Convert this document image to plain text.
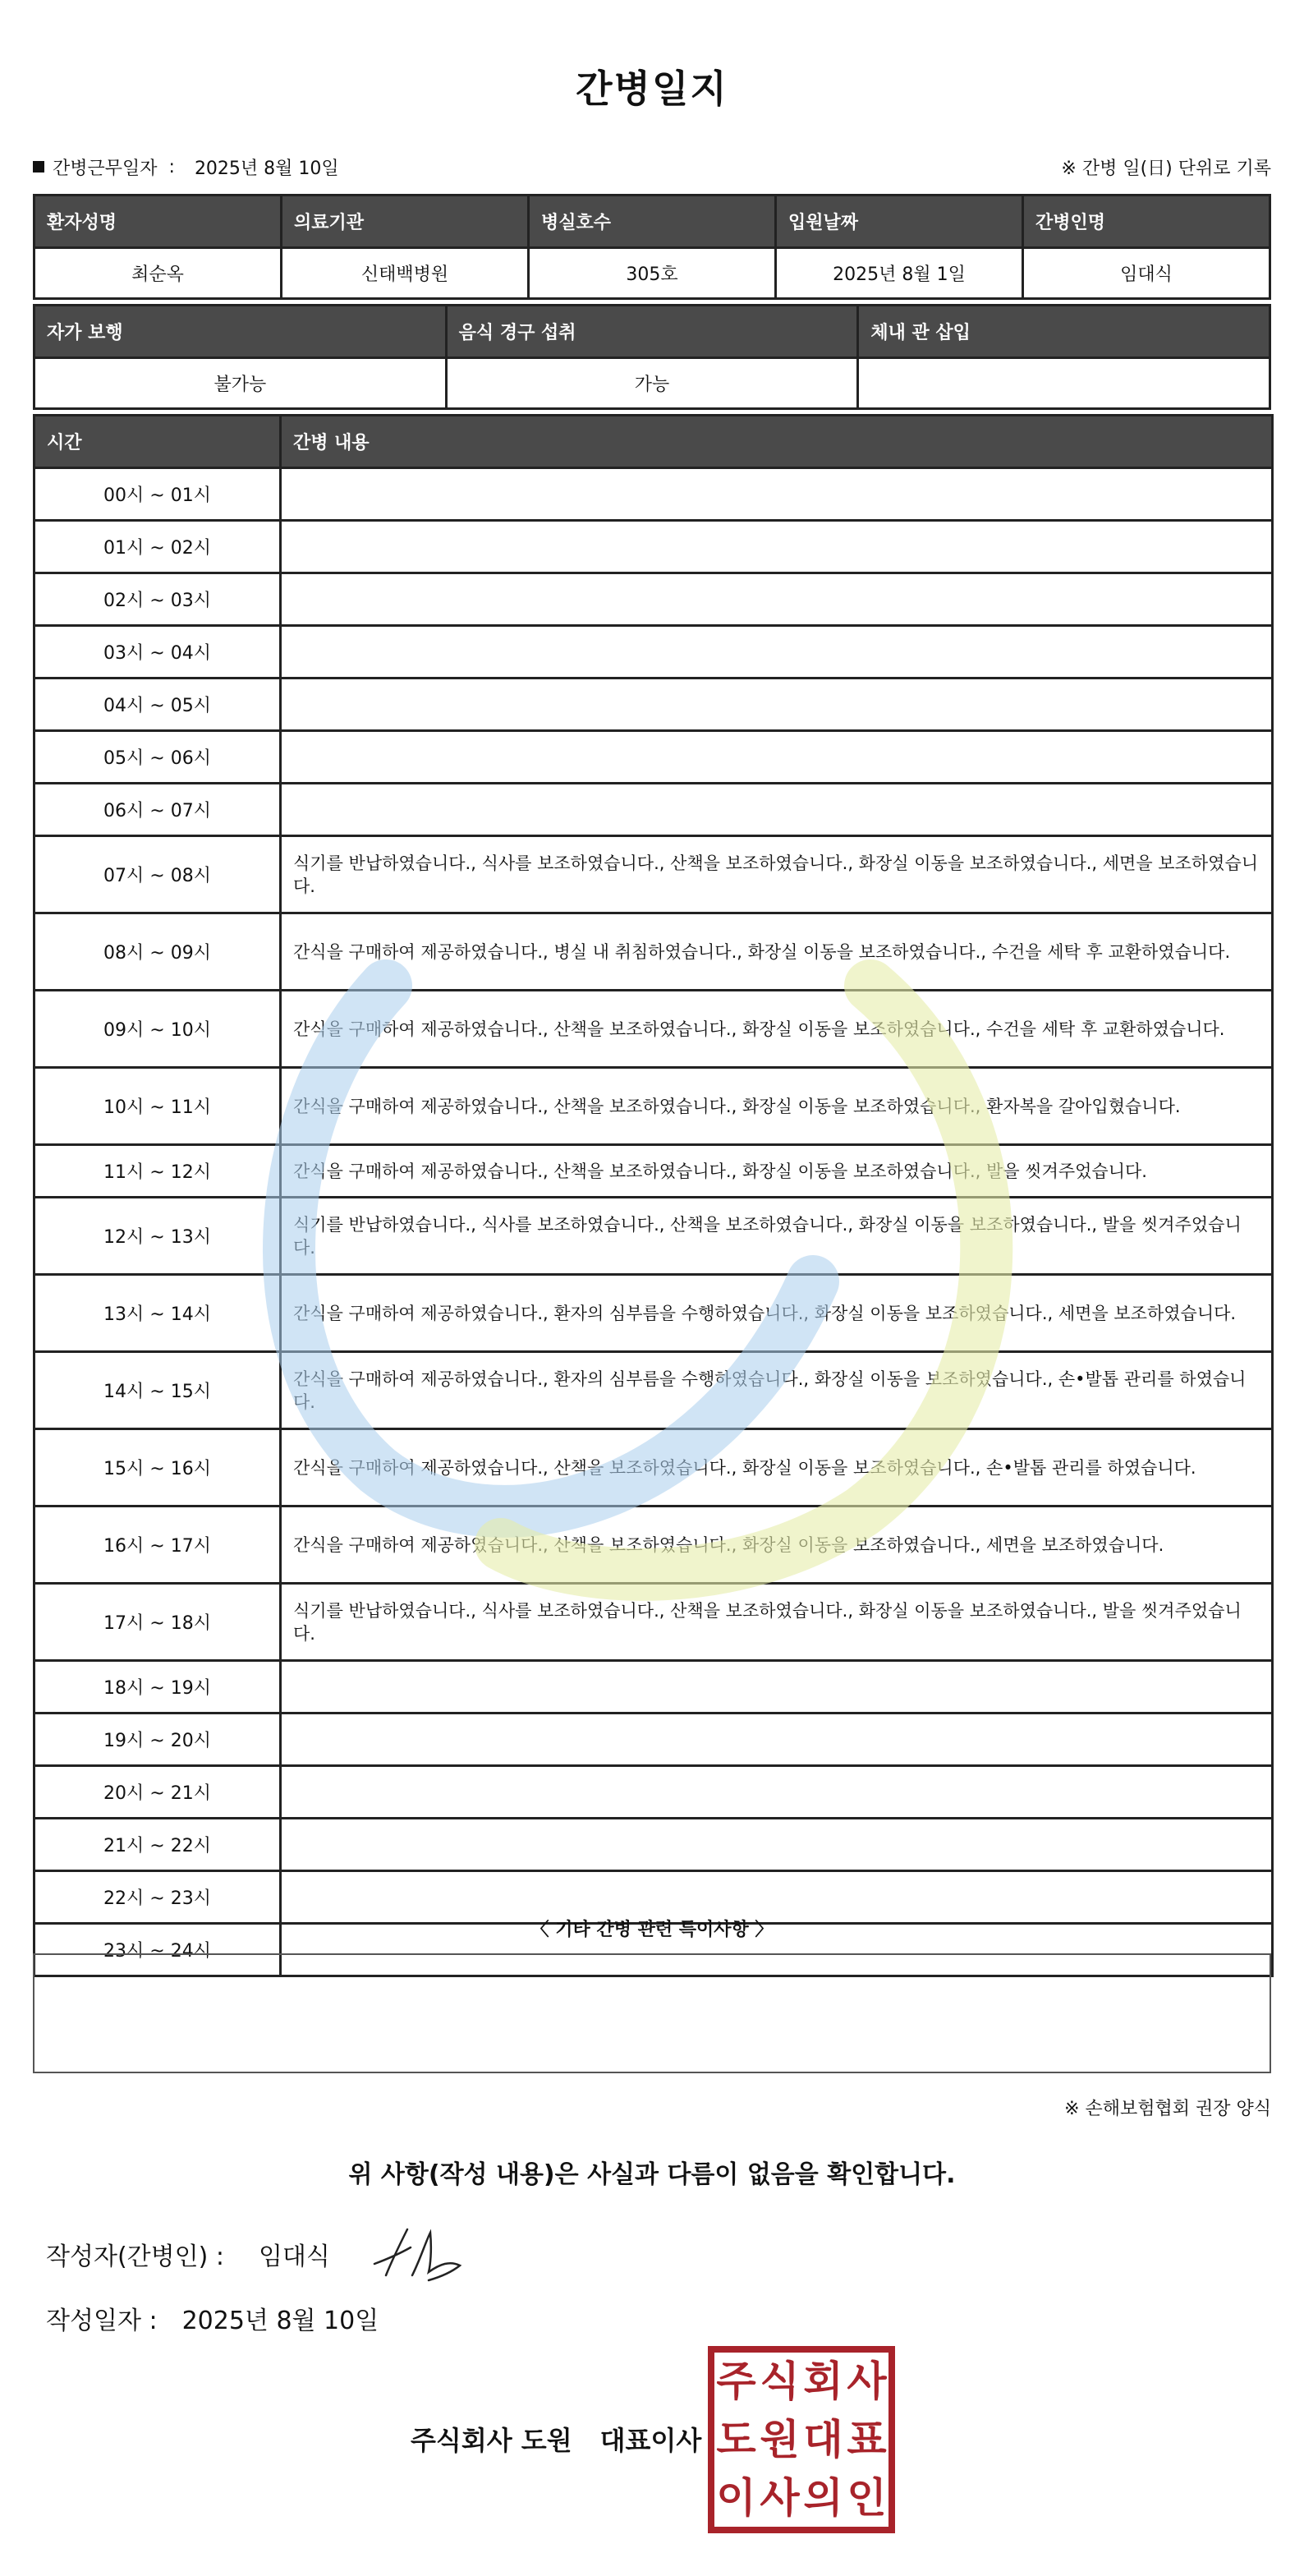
간병일지
간병근무일자 : 2025년 8월 10일	※ 간병 일(日) 단위로 기록
환자성명	의료기관	병실호수	입원날짜	간병인명
최순옥	신태백병원	305호	2025년 8월 1일	임대식
자가 보행	음식 경구 섭취	체내 관 삽입
불가능	가능	
시간	간병 내용
00시 ~ 01시	
01시 ~ 02시	
02시 ~ 03시	
03시 ~ 04시	
04시 ~ 05시	
05시 ~ 06시	
06시 ~ 07시	
07시 ~ 08시	식기를 반납하였습니다., 식사를 보조하였습니다., 산책을 보조하였습니다., 화장실 이동을 보조하였습니다., 세면을 보조하였습니다.
08시 ~ 09시	간식을 구매하여 제공하였습니다., 병실 내 취침하였습니다., 화장실 이동을 보조하였습니다., 수건을 세탁 후 교환하였습니다.
09시 ~ 10시	간식을 구매하여 제공하였습니다., 산책을 보조하였습니다., 화장실 이동을 보조하였습니다., 수건을 세탁 후 교환하였습니다.
10시 ~ 11시	간식을 구매하여 제공하였습니다., 산책을 보조하였습니다., 화장실 이동을 보조하였습니다., 환자복을 갈아입혔습니다.
11시 ~ 12시	간식을 구매하여 제공하였습니다., 산책을 보조하였습니다., 화장실 이동을 보조하였습니다., 발을 씻겨주었습니다.
12시 ~ 13시	식기를 반납하였습니다., 식사를 보조하였습니다., 산책을 보조하였습니다., 화장실 이동을 보조하였습니다., 발을 씻겨주었습니다.
13시 ~ 14시	간식을 구매하여 제공하였습니다., 환자의 심부름을 수행하였습니다., 화장실 이동을 보조하였습니다., 세면을 보조하였습니다.
14시 ~ 15시	간식을 구매하여 제공하였습니다., 환자의 심부름을 수행하였습니다., 화장실 이동을 보조하였습니다., 손•발톱 관리를 하였습니다.
15시 ~ 16시	간식을 구매하여 제공하였습니다., 산책을 보조하였습니다., 화장실 이동을 보조하였습니다., 손•발톱 관리를 하였습니다.
16시 ~ 17시	간식을 구매하여 제공하였습니다., 산책을 보조하였습니다., 화장실 이동을 보조하였습니다., 세면을 보조하였습니다.
17시 ~ 18시	식기를 반납하였습니다., 식사를 보조하였습니다., 산책을 보조하였습니다., 화장실 이동을 보조하였습니다., 발을 씻겨주었습니다.
18시 ~ 19시	
19시 ~ 20시	
20시 ~ 21시	
21시 ~ 22시	
22시 ~ 23시	
23시 ~ 24시	
〈 기타 간병 관련 특이사항 〉
※ 손해보험협회 권장 양식
위 사항(작성 내용)은 사실과 다름이 없음을 확인합니다.
작성자(간병인) : 임대식
작성일자 : 2025년 8월 10일
주식회사 도원 대표이사
주 식 회 사
도 원 대 표
이 사 의 인
